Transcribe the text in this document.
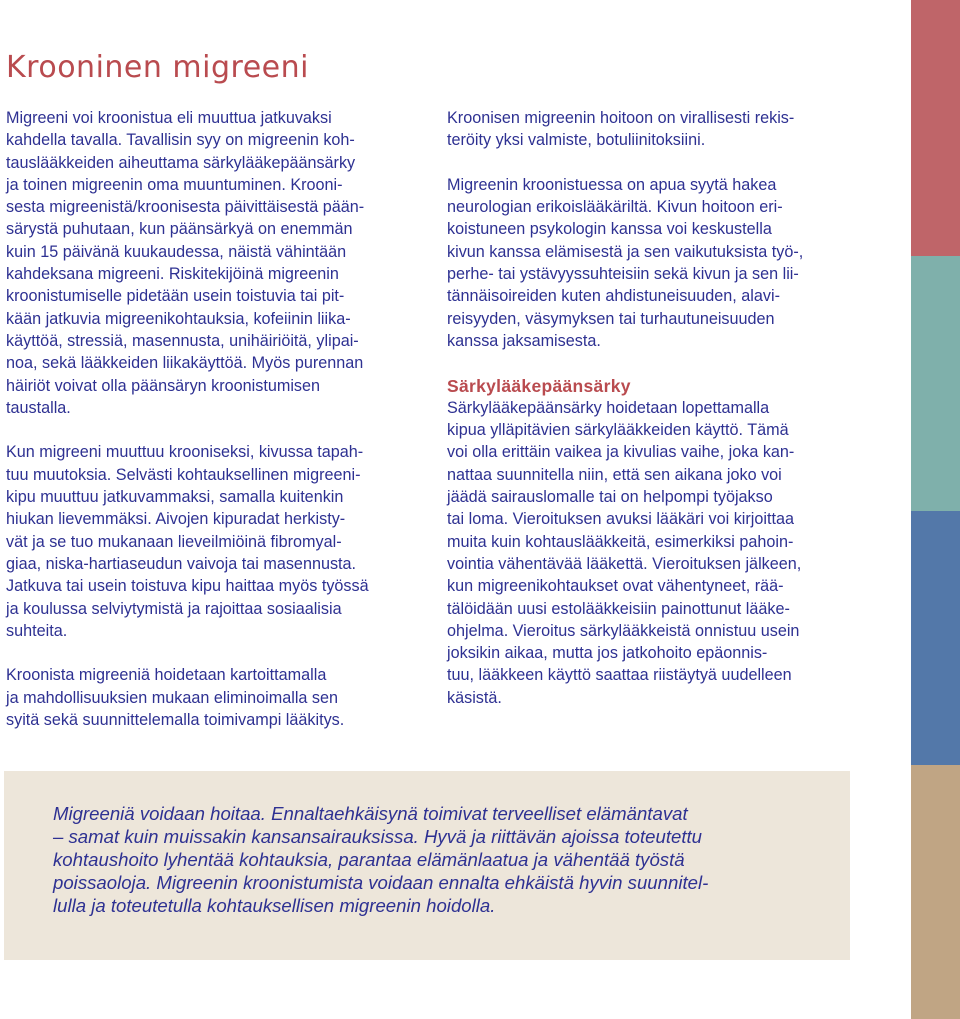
Krooninen migreeni

Migreeni voi kroonistua eli muuttua jatkuvaksi
kahdella tavalla. Tavallisin syy on migreenin koh-
tauslääkkeiden aiheuttama särkylääkepäänsärky
ja toinen migreenin oma muuntuminen. Krooni-
sesta migreenistä/kroonisesta päivittäisestä pään-
särystä puhutaan, kun päänsärkyä on enemmän
kuin 15 päivänä kuukaudessa, näistä vähintään
kahdeksana migreeni. Riskitekijöinä migreenin
kroonistumiselle pidetään usein toistuvia tai pit-
kään jatkuvia migreenikohtauksia, kofeiinin liika-
käyttöä, stressiä, masennusta, unihäiriöitä, ylipai-
noa, sekä lääkkeiden liikakäyttöä. Myös purennan
häiriöt voivat olla päänsäryn kroonistumisen
taustalla.

Kun migreeni muuttuu krooniseksi, kivussa tapah-
tuu muutoksia. Selvästi kohtauksellinen migreeni-
kipu muuttuu jatkuvammaksi, samalla kuitenkin
hiukan lievemmäksi. Aivojen kipuradat herkisty-
vät ja se tuo mukanaan lieveilmiöinä fibromyal-
giaa, niska-hartiaseudun vaivoja tai masennusta.
Jatkuva tai usein toistuva kipu haittaa myös työssä
ja koulussa selviytymistä ja rajoittaa sosiaalisia
suhteita.

Kroonista migreeniä hoidetaan kartoittamalla
ja mahdollisuuksien mukaan eliminoimalla sen
syitä sekä suunnittelemalla toimivampi lääkitys.

Kroonisen migreenin hoitoon on virallisesti rekis-
teröity yksi valmiste, botuliinitoksiini.

Migreenin kroonistuessa on apua syytä hakea
neurologian erikoislääkäriltä. Kivun hoitoon eri-
koistuneen psykologin kanssa voi keskustella
kivun kanssa elämisestä ja sen vaikutuksista työ-,
perhe- tai ystävyyssuhteisiin sekä kivun ja sen lii-
tännäisoireiden kuten ahdistuneisuuden, alavi-
reisyyden, väsymyksen tai turhautuneisuuden
kanssa jaksamisesta.

Särkylääkepäänsärky

Särkylääkepäänsärky hoidetaan lopettamalla
kipua ylläpitävien särkylääkkeiden käyttö. Tämä
voi olla erittäin vaikea ja kivulias vaihe, joka kan-
nattaa suunnitella niin, että sen aikana joko voi
jäädä sairauslomalle tai on helpompi työjakso
tai loma. Vieroituksen avuksi lääkäri voi kirjoittaa
muita kuin kohtauslääkkeitä, esimerkiksi pahoin-
vointia vähentävää lääkettä. Vieroituksen jälkeen,
kun migreenikohtaukset ovat vähentyneet, rää-
tälöidään uusi estolääkkeisiin painottunut lääke-
ohjelma. Vieroitus särkylääkkeistä onnistuu usein
joksikin aikaa, mutta jos jatkohoito epäonnis-
tuu, lääkkeen käyttö saattaa riistäytyä uudelleen
käsistä.

Migreeniä voidaan hoitaa. Ennaltaehkäisynä toimivat terveelliset elämäntavat
– samat kuin muissakin kansansairauksissa. Hyvä ja riittävän ajoissa toteutettu
kohtaushoito lyhentää kohtauksia, parantaa elämänlaatua ja vähentää työstä
poissaoloja. Migreenin kroonistumista voidaan ennalta ehkäistä hyvin suunnitel-
lulla ja toteutetulla kohtauksellisen migreenin hoidolla.
